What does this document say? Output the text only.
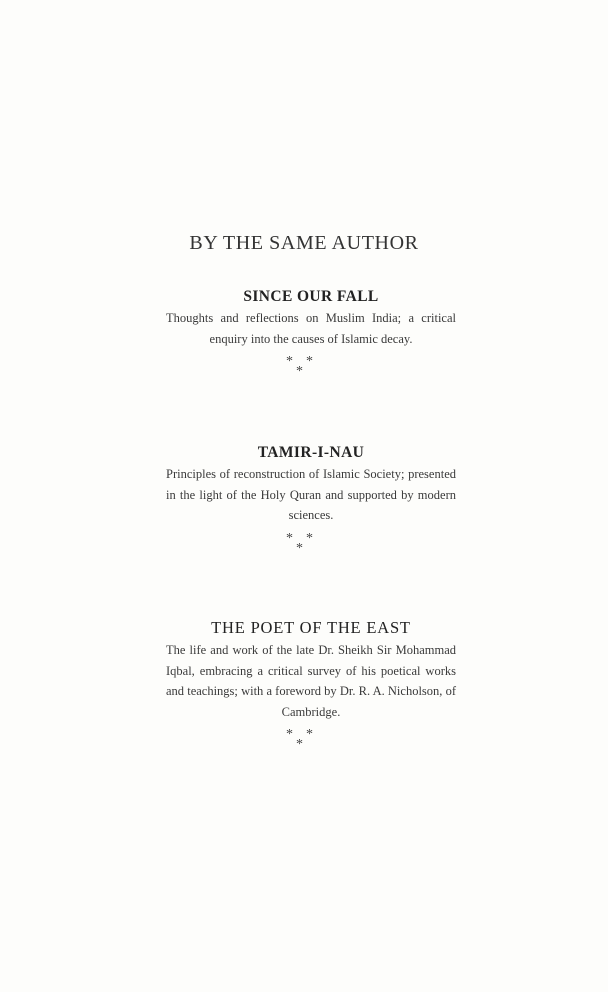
BY THE SAME AUTHOR
SINCE OUR FALL
Thoughts and reflections on Muslim India; a critical enquiry into the causes of Islamic decay.
* *
*
TAMIR-I-NAU
Principles of reconstruction of Islamic Society; presented in the light of the Holy Quran and supported by modern sciences.
* *
*
THE POET OF THE EAST
The life and work of the late Dr. Sheikh Sir Mohammad Iqbal, embracing a critical survey of his poetical works and teachings; with a foreword by Dr. R. A. Nicholson, of Cambridge.
* *
*
